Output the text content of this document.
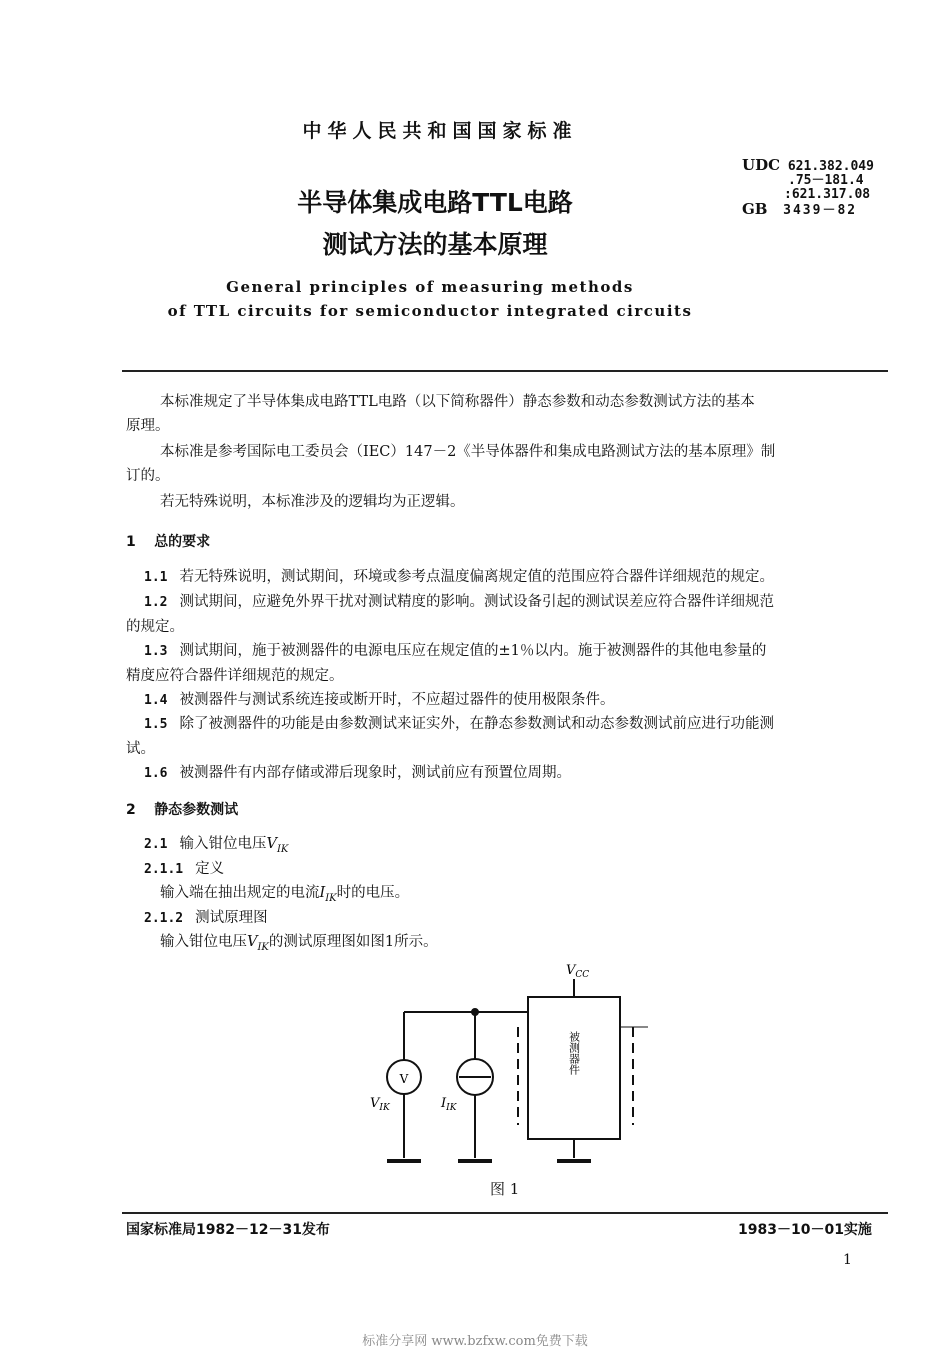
中华人民共和国国家标准
UDC 621.382.049
.75－181.4
:621.317.08
GB 3439－82
半导体集成电路TTL电路
测试方法的基本原理
General principles of measuring methods
of TTL circuits for semiconductor integrated circuits
本标准规定了半导体集成电路TTL电路（以下简称器件）静态参数和动态参数测试方法的基本
原理。
本标准是参考国际电工委员会（IEC）147－2《半导体器件和集成电路测试方法的基本原理》制
订的。
若无特殊说明，本标准涉及的逻辑均为正逻辑。
1 总的要求
1.1 若无特殊说明，测试期间，环境或参考点温度偏离规定值的范围应符合器件详细规范的规定。
1.2 测试期间，应避免外界干扰对测试精度的影响。测试设备引起的测试误差应符合器件详细规范
的规定。
1.3 测试期间，施于被测器件的电源电压应在规定值的±1％以内。施于被测器件的其他电参量的
精度应符合器件详细规范的规定。
1.4 被测器件与测试系统连接或断开时，不应超过器件的使用极限条件。
1.5 除了被测器件的功能是由参数测试来证实外，在静态参数测试和动态参数测试前应进行功能测
试。
1.6 被测器件有内部存储或滞后现象时，测试前应有预置位周期。
2 静态参数测试
2.1 输入钳位电压$V_{IK}$
2.1.1 定义
输入端在抽出规定的电流$I_{IK}$时的电压。
2.1.2 测试原理图
输入钳位电压$V_{IK}$的测试原理图如图1所示。
V
$V_{CC}$
$V_{IK}$	$I_{IK}$
被测器件
图 1
国家标准局1982－12－31发布	1983－10－01实施
1
标准分享网 www.bzfxw.com免费下载
